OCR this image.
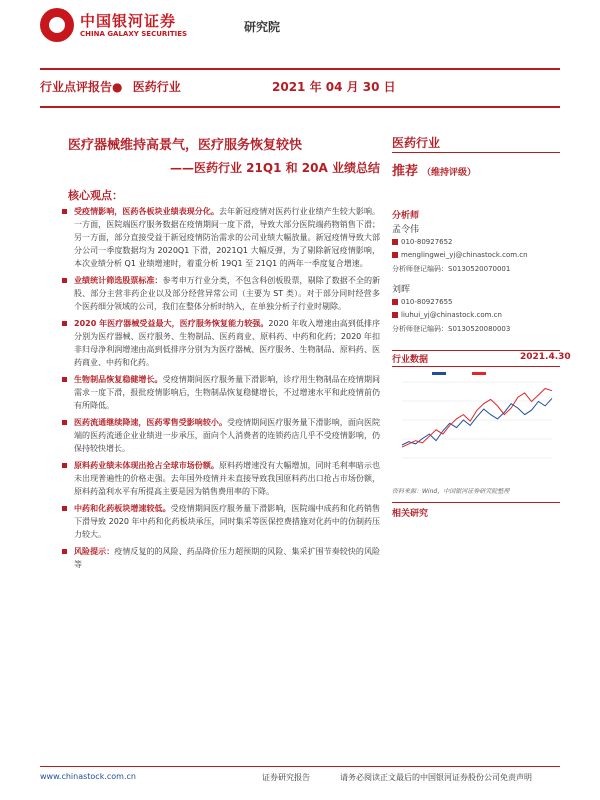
中国银河证券
CHINA GALAXY SECURITIES	研究院
行业点评报告● 医药行业	2021 年 04 月 30 日
医疗器械维持高景气，医疗服务恢复较快
——医药行业 21Q1 和 20A 业绩总结
核心观点：
受疫情影响，医药各板块业绩表现分化。去年新冠疫情对医药行业业绩产生较大影响。一方面，医院端医疗服务数据在疫情期间一度下滑，导致大部分医院端药物销售下滑；另一方面，部分直接受益于新冠疫情防治需求的公司业绩大幅放量。新冠疫情导致大部分公司一季度数据均为 2020Q1 下滑，2021Q1 大幅反弹，为了剔除新冠疫情影响，本次业绩分析 Q1 业绩增速时，着重分析 19Q1 至 21Q1 的两年一季度复合增速。
业绩统计筛选股票标准：参考申万行业分类，不包含科创板股票，剔除了数据不全的新股、部分主营非药企业以及部分经营异常公司（主要为 ST 类）。对于部分同时经营多个医药细分领域的公司，我们在整体分析时纳入，在单独分析子行业时剔除。
2020 年医疗器械受益最大，医疗服务恢复能力较强。2020 年收入增速由高到低排序分别为医疗器械、医疗服务、生物制品、医药商业、原料药、中药和化药；2020 年扣非归母净利润增速由高到低排序分别为为医疗器械、医疗服务、生物制品、原料药、医药商业、中药和化药。
生物制品恢复稳健增长。受疫情期间医疗服务量下滑影响，诊疗用生物制品在疫情期间需求一度下滑，报批疫情影响后，生物制品恢复稳健增长，不过增速水平和此疫情前仍有所降低。
医药流通继续降速，医药零售受影响较小。受疫情期间医疗服务量下滑影响，面向医院端的医药流通企业业绩进一步承压，面向个人消费者的连锁药店几乎不受疫情影响，仍保持较快增长。
原料药业绩未体现出抢占全球市场份额。原料药增速没有大幅增加，同时毛利率暗示也未出现普遍性的价格走强。去年国外疫情并未直接导致我国原料药出口抢占市场份额，原料药盈利水平有所提高主要是因为销售费用率的下降。
中药和化药板块增速较低。受疫情期间医疗服务量下滑影响，医院端中成药和化药销售下滑导致 2020 年中药和化药板块承压，同时集采等医保控费措施对化药中的仿制药压力较大。
风险提示：疫情反复的的风险、药品降价压力超预期的风险、集采扩围节奏较快的风险等
医药行业
推荐 （维持评级）
分析师
孟令伟
010-80927652
menglingwei_yj@chinastock.com.cn
分析师登记编码：S0130520070001
刘晖
010-80927655
liuhui_yj@chinastock.com.cn
分析师登记编码：S0130520080003
行业数据	2021.4.30
资料来源：Wind，中国银河证券研究院整理
相关研究
www.chinastock.com.cn	证券研究报告	请务必阅读正文最后的中国银河证券股份公司免责声明
